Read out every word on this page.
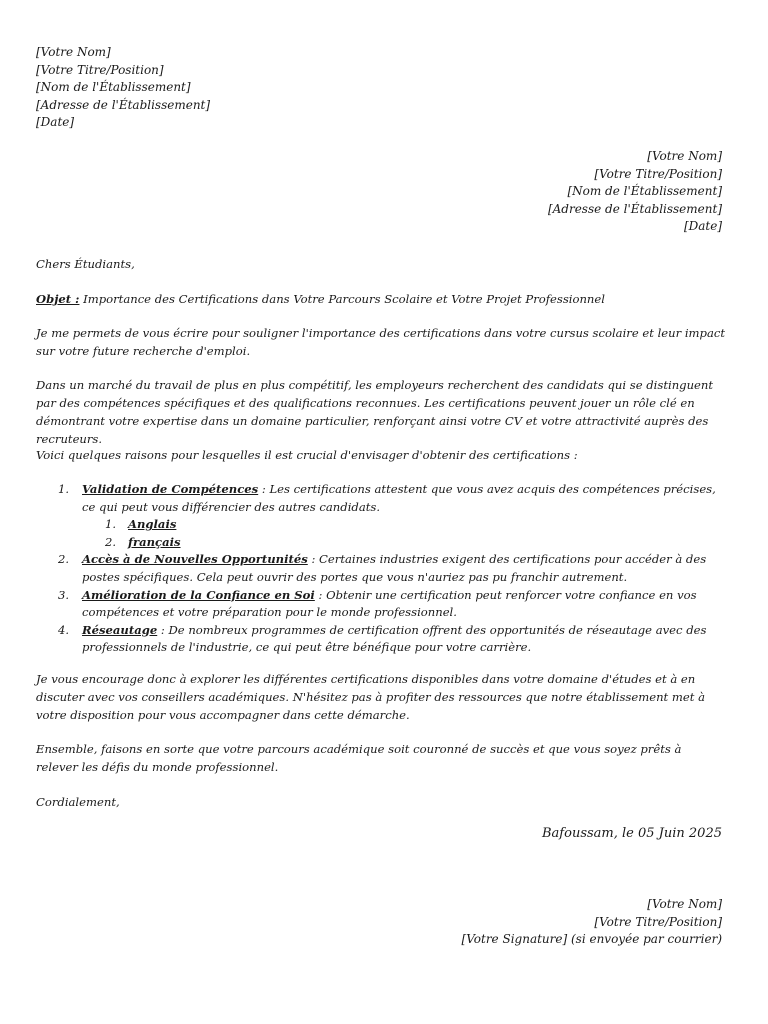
[Votre Nom]
[Votre Titre/Position]
[Nom de l'Établissement]
[Adresse de l'Établissement]
[Date]
[Votre Nom]
[Votre Titre/Position]
[Nom de l'Établissement]
[Adresse de l'Établissement]
[Date]
Chers Étudiants,
Objet : Importance des Certifications dans Votre Parcours Scolaire et Votre Projet Professionnel
Je me permets de vous écrire pour souligner l'importance des certifications dans votre cursus scolaire et leur impact sur votre future recherche d'emploi.
Dans un marché du travail de plus en plus compétitif, les employeurs recherchent des candidats qui se distinguent par des compétences spécifiques et des qualifications reconnues. Les certifications peuvent jouer un rôle clé en démontrant votre expertise dans un domaine particulier, renforçant ainsi votre CV et votre attractivité auprès des recruteurs.
Voici quelques raisons pour lesquelles il est crucial d'envisager d'obtenir des certifications :
1. Validation de Compétences : Les certifications attestent que vous avez acquis des compétences précises, ce qui peut vous différencier des autres candidats.
1. Anglais
2. français
2. Accès à de Nouvelles Opportunités : Certaines industries exigent des certifications pour accéder à des postes spécifiques. Cela peut ouvrir des portes que vous n'auriez pas pu franchir autrement.
3. Amélioration de la Confiance en Soi : Obtenir une certification peut renforcer votre confiance en vos compétences et votre préparation pour le monde professionnel.
4. Réseautage : De nombreux programmes de certification offrent des opportunités de réseautage avec des professionnels de l'industrie, ce qui peut être bénéfique pour votre carrière.
Je vous encourage donc à explorer les différentes certifications disponibles dans votre domaine d'études et à en discuter avec vos conseillers académiques. N'hésitez pas à profiter des ressources que notre établissement met à votre disposition pour vous accompagner dans cette démarche.
Ensemble, faisons en sorte que votre parcours académique soit couronné de succès et que vous soyez prêts à relever les défis du monde professionnel.
Cordialement,
Bafoussam, le 05 Juin 2025
[Votre Nom]
[Votre Titre/Position]
[Votre Signature] (si envoyée par courrier)
